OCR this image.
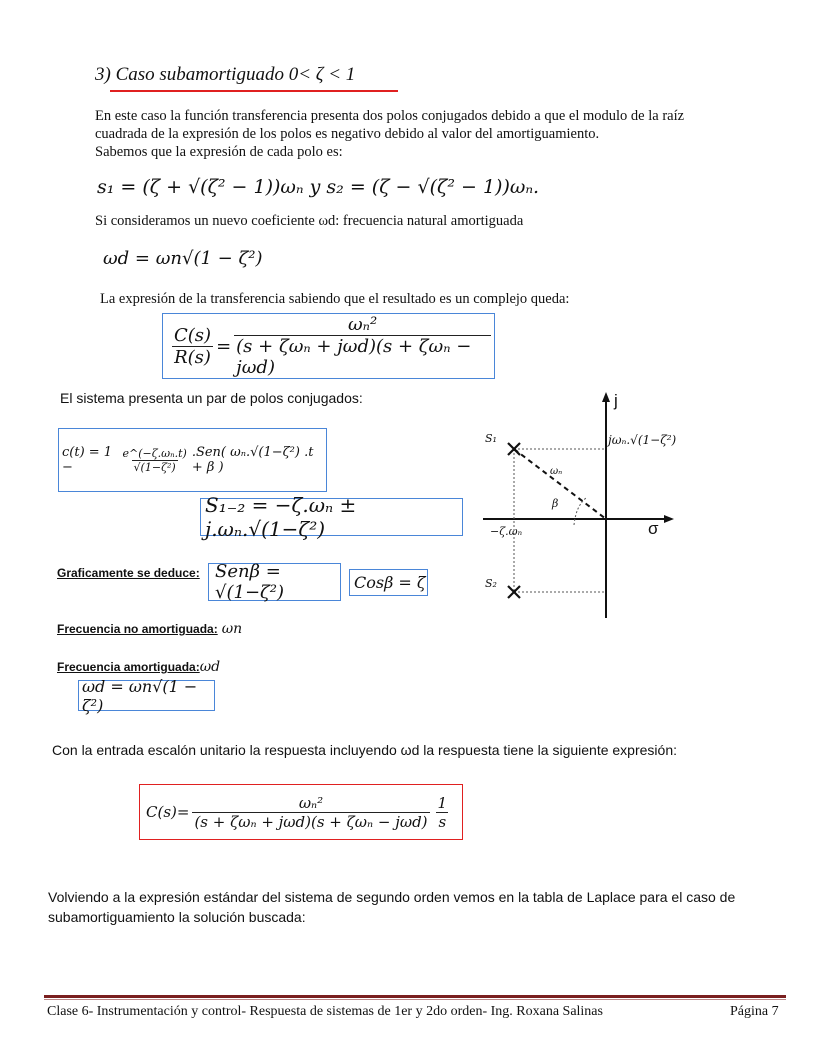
3) Caso subamortiguado 0< ζ < 1
En este caso la función transferencia presenta dos polos conjugados debido a que el modulo de la raíz
cuadrada de la expresión de los polos es negativo debido al valor del amortiguamiento.
Sabemos que la expresión de cada polo es:
s₁ = (ζ + √(ζ² − 1))ωₙ y s₂ = (ζ − √(ζ² − 1))ωₙ.
Si consideramos un nuevo coeficiente ωd: frecuencia natural amortiguada
ωd = ωn√(1 − ζ²)
La expresión de la transferencia sabiendo que el resultado es un complejo queda:
$\frac{C(s)}{R(s)} = \frac{\text{ωₙ²}}{\text{(s + ζωₙ + jωd)(s + ζωₙ − jωd)}}$
El sistema presenta un par de polos conjugados:
c(t) = 1 −	$\frac{\text{e\textasciicircum{}(−ζ.ωₙ.t)}}{\text{√(1−ζ²)}} .Sen$( ωₙ.√(1−ζ²) .t + β )
S₁₋₂ = −ζ.ωₙ ± j.ωₙ.√(1−ζ²)
Graficamente se deduce: Senβ = √(1−ζ²)	Cosβ = ζ
Frecuencia no amortiguada: ωn
Frecuencia amortiguada:ωd
ωd = ωn√(1 − ζ²)
j
σ
S₁
S₂
jωₙ.√(1−ζ²)
−ζ.ωₙ
ωₙ
β
Con la entrada escalón unitario la respuesta incluyendo ωd la respuesta tiene la siguiente expresión:
$C(s)= \frac{\text{ωₙ²}}{\text{(s + ζωₙ + jωd)(s + ζωₙ − jωd)}} \frac{1}{s}$
Volviendo a la expresión estándar del sistema de segundo orden vemos en la tabla de Laplace para el caso de
subamortiguamiento la solución buscada:
Clase 6- Instrumentación y control- Respuesta de sistemas de 1er y 2do orden- Ing. Roxana Salinas	Página 7
